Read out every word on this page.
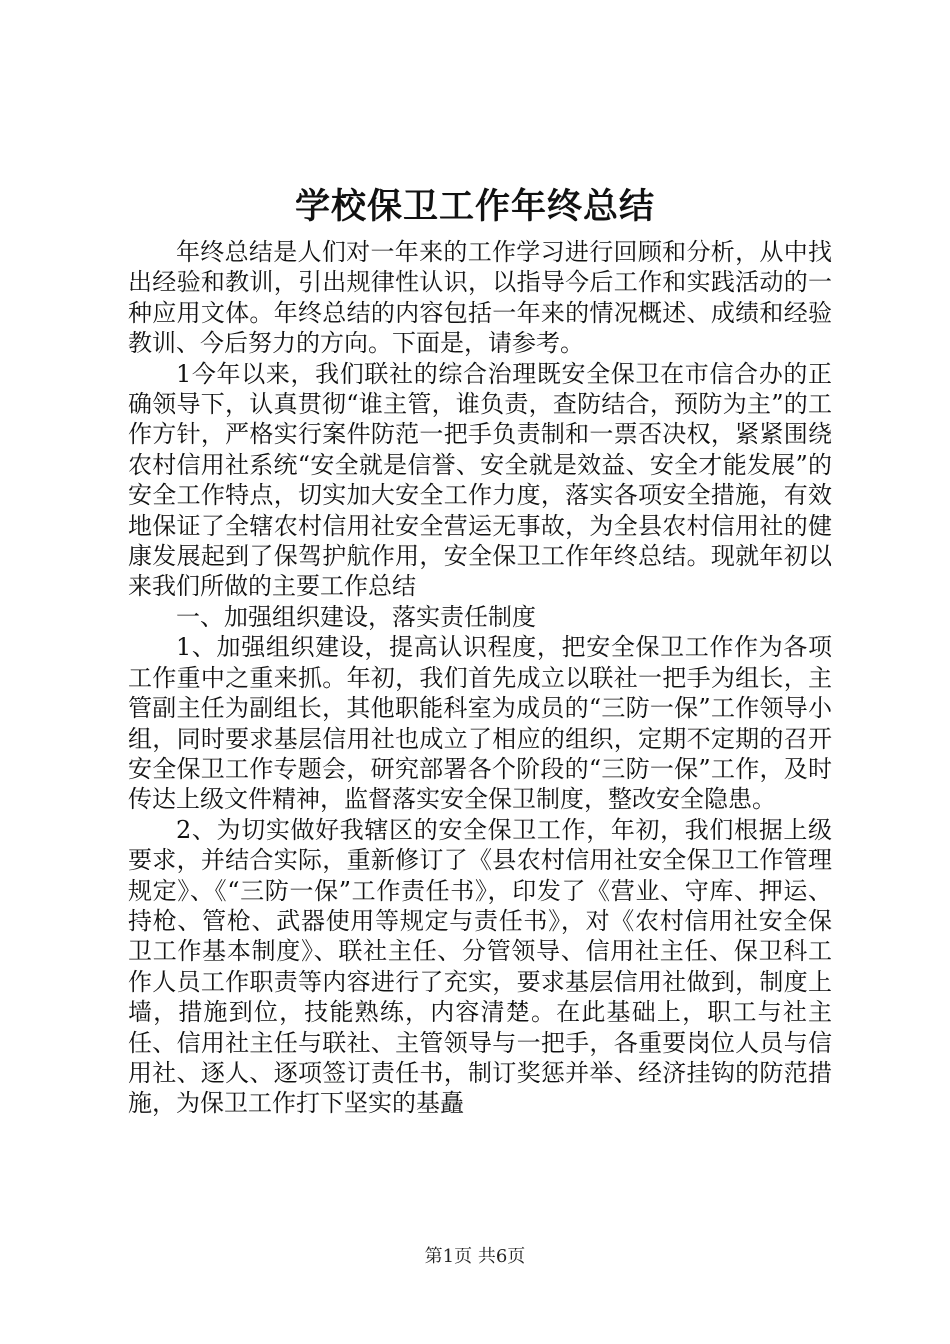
学校保卫工作年终总结

年终总结是人们对一年来的工作学习进行回顾和分析，从中找出经验和教训，引出规律性认识，以指导今后工作和实践活动的一种应用文体。年终总结的内容包括一年来的情况概述、成绩和经验教训、今后努力的方向。下面是，请参考。

1今年以来，我们联社的综合治理既安全保卫在市信合办的正确领导下，认真贯彻“谁主管，谁负责，查防结合，预防为主”的工作方针，严格实行案件防范一把手负责制和一票否决权，紧紧围绕农村信用社系统“安全就是信誉、安全就是效益、安全才能发展”的安全工作特点，切实加大安全工作力度，落实各项安全措施，有效地保证了全辖农村信用社安全营运无事故，为全县农村信用社的健康发展起到了保驾护航作用，安全保卫工作年终总结。现就年初以来我们所做的主要工作总结

一、加强组织建设，落实责任制度

1、加强组织建设，提高认识程度，把安全保卫工作作为各项工作重中之重来抓。年初，我们首先成立以联社一把手为组长，主管副主任为副组长，其他职能科室为成员的“三防一保”工作领导小组，同时要求基层信用社也成立了相应的组织，定期不定期的召开安全保卫工作专题会，研究部署各个阶段的“三防一保”工作，及时传达上级文件精神，监督落实安全保卫制度，整改安全隐患。

2、为切实做好我辖区的安全保卫工作，年初，我们根据上级要求，并结合实际，重新修订了《县农村信用社安全保卫工作管理规定》、《“三防一保”工作责任书》，印发了《营业、守库、押运、持枪、管枪、武器使用等规定与责任书》，对《农村信用社安全保卫工作基本制度》、联社主任、分管领导、信用社主任、保卫科工作人员工作职责等内容进行了充实，要求基层信用社做到，制度上墙，措施到位，技能熟练，内容清楚。在此基础上，职工与社主任、信用社主任与联社、主管领导与一把手，各重要岗位人员与信用社、逐人、逐项签订责任书，制订奖惩并举、经济挂钩的防范措施，为保卫工作打下坚实的基矗

第1页 共6页
